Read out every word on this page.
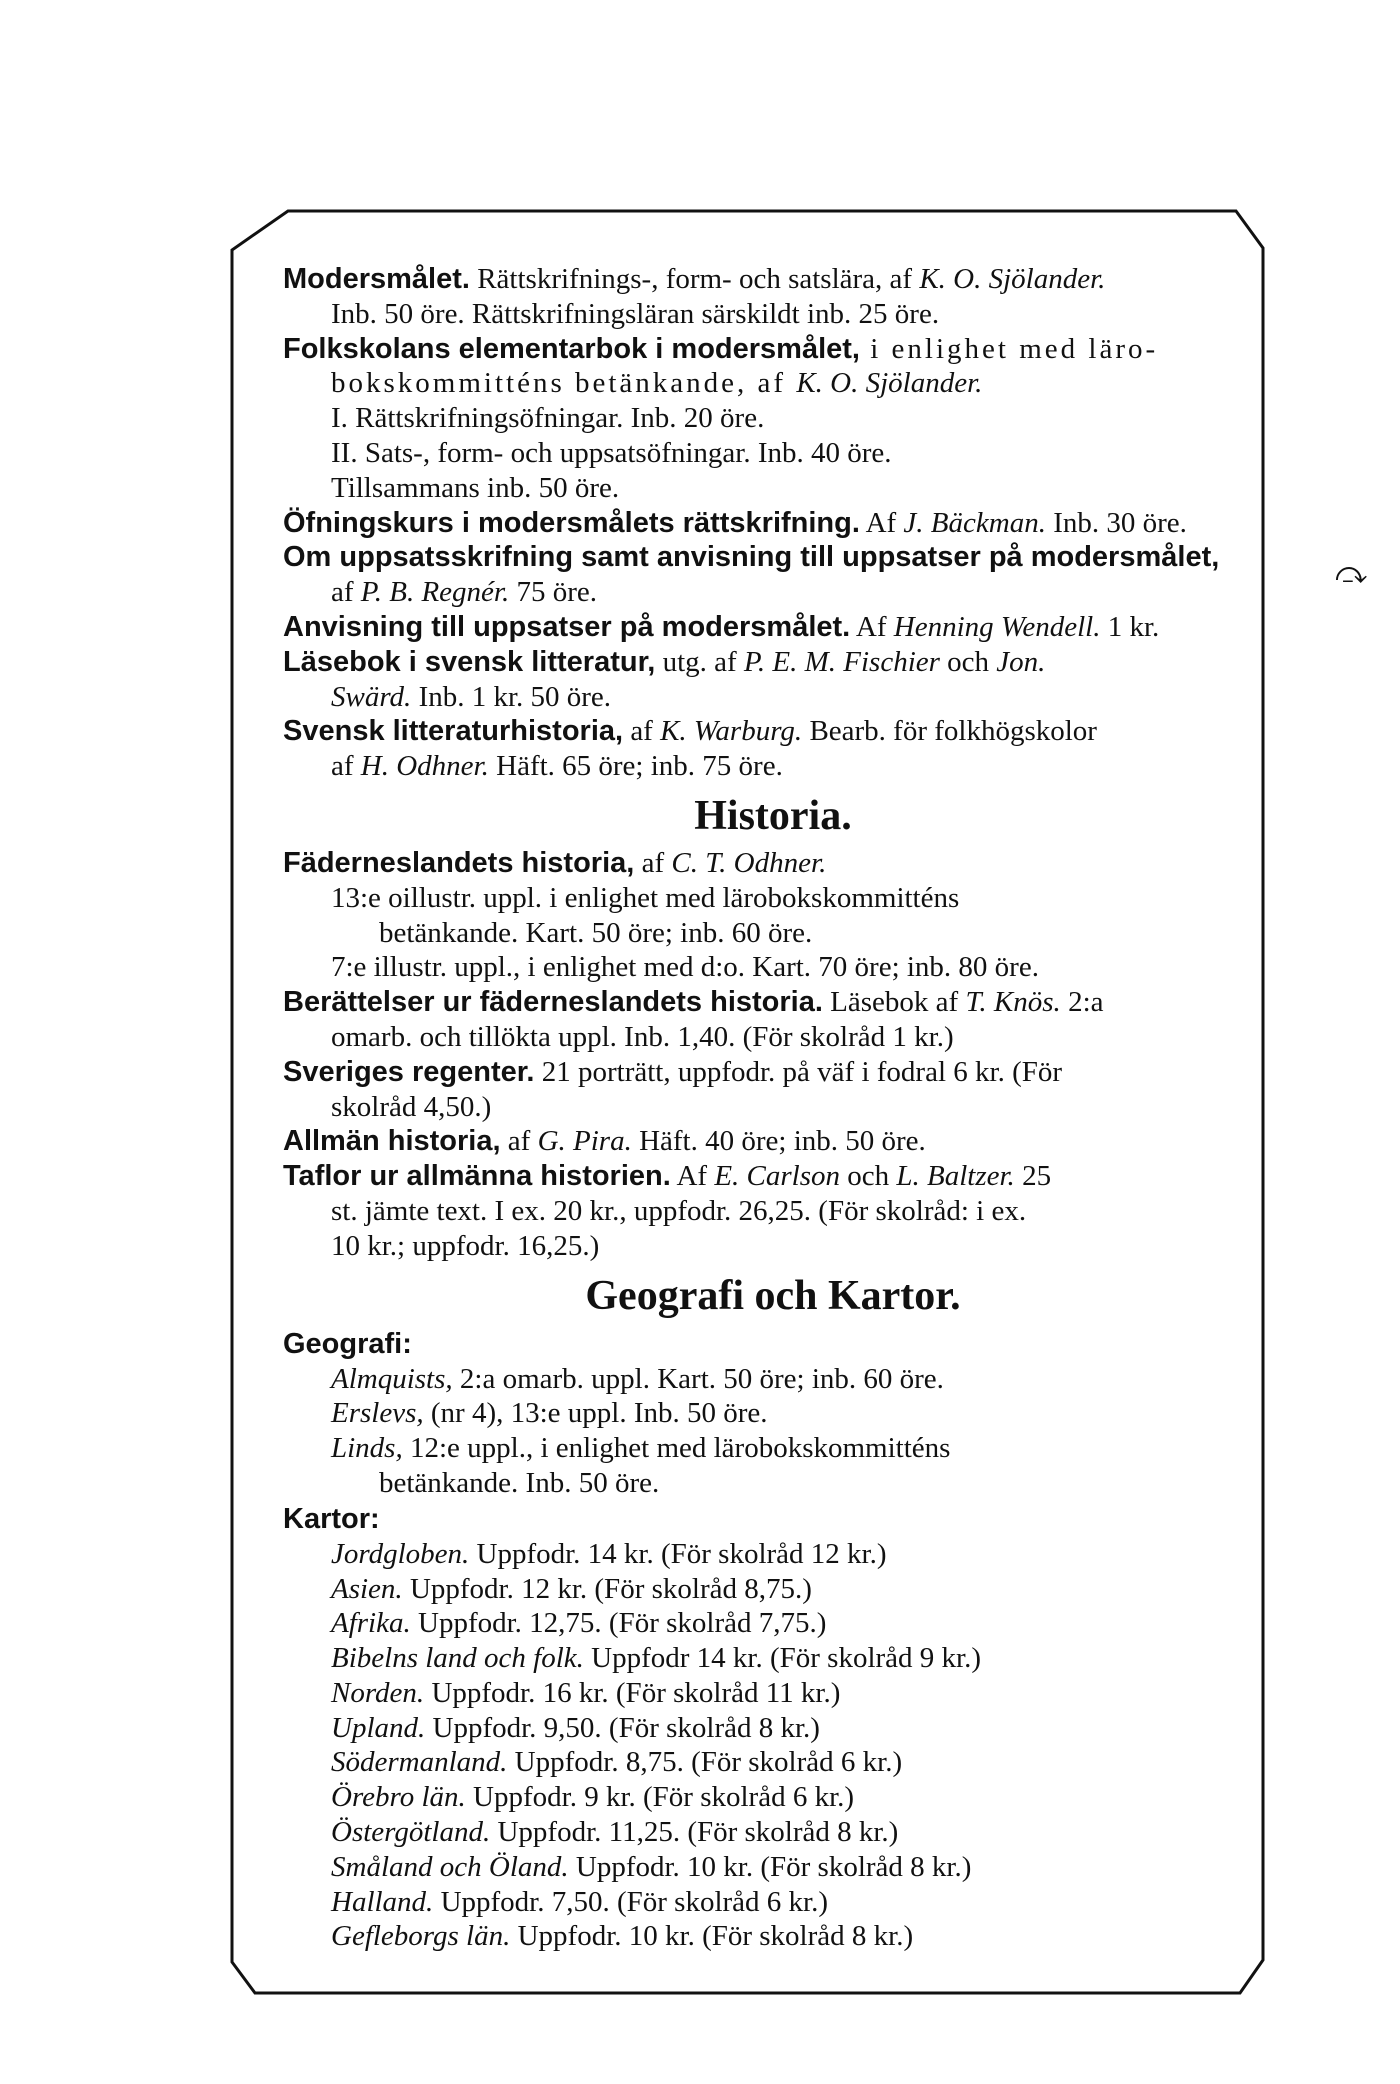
⤼
Modersmålet. Rättskrifnings-, form- och satslära, af K. O. Sjölander.
Inb. 50 öre. Rättskrifningsläran särskildt inb. 25 öre.
Folkskolans elementarbok i modersmålet, i enlighet med läro-
bokskommitténs betänkande, af K. O. Sjölander.
I. Rättskrifningsöfningar. Inb. 20 öre.
II. Sats-, form- och uppsatsöfningar. Inb. 40 öre.
Tillsammans inb. 50 öre.
Öfningskurs i modersmålets rättskrifning. Af J. Bäckman. Inb. 30 öre.
Om uppsatsskrifning samt anvisning till uppsatser på modersmålet,
af P. B. Regnér. 75 öre.
Anvisning till uppsatser på modersmålet. Af Henning Wendell. 1 kr.
Läsebok i svensk litteratur, utg. af P. E. M. Fischier och Jon.
Swärd. Inb. 1 kr. 50 öre.
Svensk litteraturhistoria, af K. Warburg. Bearb. för folkhögskolor
af H. Odhner. Häft. 65 öre; inb. 75 öre.
Historia.
Fäderneslandets historia, af C. T. Odhner.
13:e oillustr. uppl. i enlighet med lärobokskommitténs
betänkande. Kart. 50 öre; inb. 60 öre.
7:e illustr. uppl., i enlighet med d:o. Kart. 70 öre; inb. 80 öre.
Berättelser ur fäderneslandets historia. Läsebok af T. Knös. 2:a
omarb. och tillökta uppl. Inb. 1,40. (För skolråd 1 kr.)
Sveriges regenter. 21 porträtt, uppfodr. på väf i fodral 6 kr. (För
skolråd 4,50.)
Allmän historia, af G. Pira. Häft. 40 öre; inb. 50 öre.
Taflor ur allmänna historien. Af E. Carlson och L. Baltzer. 25
st. jämte text. I ex. 20 kr., uppfodr. 26,25. (För skolråd: i ex.
10 kr.; uppfodr. 16,25.)
Geografi och Kartor.
Geografi:
Almquists, 2:a omarb. uppl. Kart. 50 öre; inb. 60 öre.
Erslevs, (nr 4), 13:e uppl. Inb. 50 öre.
Linds, 12:e uppl., i enlighet med lärobokskommitténs
betänkande. Inb. 50 öre.
Kartor:
Jordgloben. Uppfodr. 14 kr. (För skolråd 12 kr.)
Asien. Uppfodr. 12 kr. (För skolråd 8,75.)
Afrika. Uppfodr. 12,75. (För skolråd 7,75.)
Bibelns land och folk. Uppfodr 14 kr. (För skolråd 9 kr.)
Norden. Uppfodr. 16 kr. (För skolråd 11 kr.)
Upland. Uppfodr. 9,50. (För skolråd 8 kr.)
Södermanland. Uppfodr. 8,75. (För skolråd 6 kr.)
Örebro län. Uppfodr. 9 kr. (För skolråd 6 kr.)
Östergötland. Uppfodr. 11,25. (För skolråd 8 kr.)
Småland och Öland. Uppfodr. 10 kr. (För skolråd 8 kr.)
Halland. Uppfodr. 7,50. (För skolråd 6 kr.)
Gefleborgs län. Uppfodr. 10 kr. (För skolråd 8 kr.)
